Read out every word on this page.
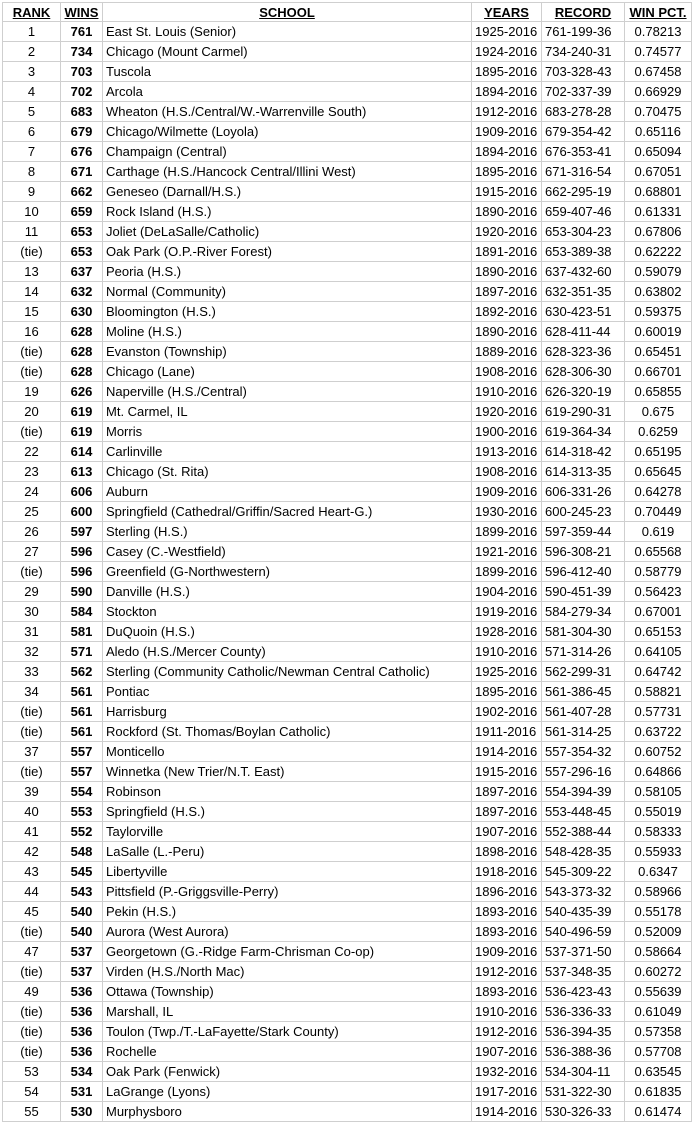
RANK	WINS	SCHOOL	YEARS	RECORD	WIN PCT.
1	761	East St. Louis (Senior)	1925-2016	761-199-36	0.78213
2	734	Chicago (Mount Carmel)	1924-2016	734-240-31	0.74577
3	703	Tuscola	1895-2016	703-328-43	0.67458
4	702	Arcola	1894-2016	702-337-39	0.66929
5	683	Wheaton (H.S./Central/W.-Warrenville South)	1912-2016	683-278-28	0.70475
6	679	Chicago/Wilmette (Loyola)	1909-2016	679-354-42	0.65116
7	676	Champaign (Central)	1894-2016	676-353-41	0.65094
8	671	Carthage (H.S./Hancock Central/Illini West)	1895-2016	671-316-54	0.67051
9	662	Geneseo (Darnall/H.S.)	1915-2016	662-295-19	0.68801
10	659	Rock Island (H.S.)	1890-2016	659-407-46	0.61331
11	653	Joliet (DeLaSalle/Catholic)	1920-2016	653-304-23	0.67806
(tie)	653	Oak Park (O.P.-River Forest)	1891-2016	653-389-38	0.62222
13	637	Peoria (H.S.)	1890-2016	637-432-60	0.59079
14	632	Normal (Community)	1897-2016	632-351-35	0.63802
15	630	Bloomington (H.S.)	1892-2016	630-423-51	0.59375
16	628	Moline (H.S.)	1890-2016	628-411-44	0.60019
(tie)	628	Evanston (Township)	1889-2016	628-323-36	0.65451
(tie)	628	Chicago (Lane)	1908-2016	628-306-30	0.66701
19	626	Naperville (H.S./Central)	1910-2016	626-320-19	0.65855
20	619	Mt. Carmel, IL	1920-2016	619-290-31	0.675
(tie)	619	Morris	1900-2016	619-364-34	0.6259
22	614	Carlinville	1913-2016	614-318-42	0.65195
23	613	Chicago (St. Rita)	1908-2016	614-313-35	0.65645
24	606	Auburn	1909-2016	606-331-26	0.64278
25	600	Springfield (Cathedral/Griffin/Sacred Heart-G.)	1930-2016	600-245-23	0.70449
26	597	Sterling (H.S.)	1899-2016	597-359-44	0.619
27	596	Casey (C.-Westfield)	1921-2016	596-308-21	0.65568
(tie)	596	Greenfield (G-Northwestern)	1899-2016	596-412-40	0.58779
29	590	Danville (H.S.)	1904-2016	590-451-39	0.56423
30	584	Stockton	1919-2016	584-279-34	0.67001
31	581	DuQuoin (H.S.)	1928-2016	581-304-30	0.65153
32	571	Aledo (H.S./Mercer County)	1910-2016	571-314-26	0.64105
33	562	Sterling (Community Catholic/Newman Central Catholic)	1925-2016	562-299-31	0.64742
34	561	Pontiac	1895-2016	561-386-45	0.58821
(tie)	561	Harrisburg	1902-2016	561-407-28	0.57731
(tie)	561	Rockford (St. Thomas/Boylan Catholic)	1911-2016	561-314-25	0.63722
37	557	Monticello	1914-2016	557-354-32	0.60752
(tie)	557	Winnetka (New Trier/N.T. East)	1915-2016	557-296-16	0.64866
39	554	Robinson	1897-2016	554-394-39	0.58105
40	553	Springfield (H.S.)	1897-2016	553-448-45	0.55019
41	552	Taylorville	1907-2016	552-388-44	0.58333
42	548	LaSalle (L.-Peru)	1898-2016	548-428-35	0.55933
43	545	Libertyville	1918-2016	545-309-22	0.6347
44	543	Pittsfield (P.-Griggsville-Perry)	1896-2016	543-373-32	0.58966
45	540	Pekin (H.S.)	1893-2016	540-435-39	0.55178
(tie)	540	Aurora (West Aurora)	1893-2016	540-496-59	0.52009
47	537	Georgetown (G.-Ridge Farm-Chrisman Co-op)	1909-2016	537-371-50	0.58664
(tie)	537	Virden (H.S./North Mac)	1912-2016	537-348-35	0.60272
49	536	Ottawa (Township)	1893-2016	536-423-43	0.55639
(tie)	536	Marshall, IL	1910-2016	536-336-33	0.61049
(tie)	536	Toulon (Twp./T.-LaFayette/Stark County)	1912-2016	536-394-35	0.57358
(tie)	536	Rochelle	1907-2016	536-388-36	0.57708
53	534	Oak Park (Fenwick)	1932-2016	534-304-11	0.63545
54	531	LaGrange (Lyons)	1917-2016	531-322-30	0.61835
55	530	Murphysboro	1914-2016	530-326-33	0.61474
